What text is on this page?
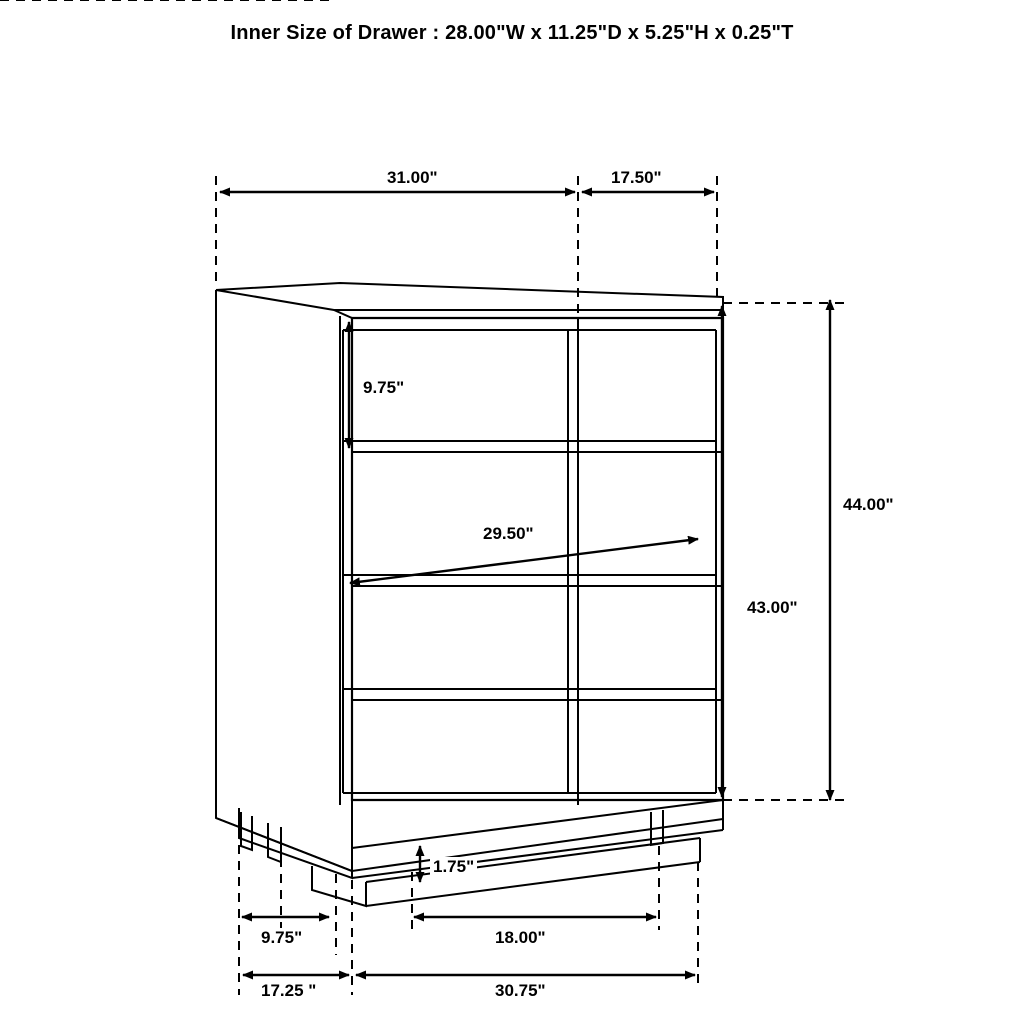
Inner Size of Drawer : 28.00"W x 11.25"D x 5.25"H x 0.25"T
31.00"	17.50"
9.75"
29.50"
43.00"
44.00"
1.75"
9.75"	18.00"
17.25 "	30.75"
